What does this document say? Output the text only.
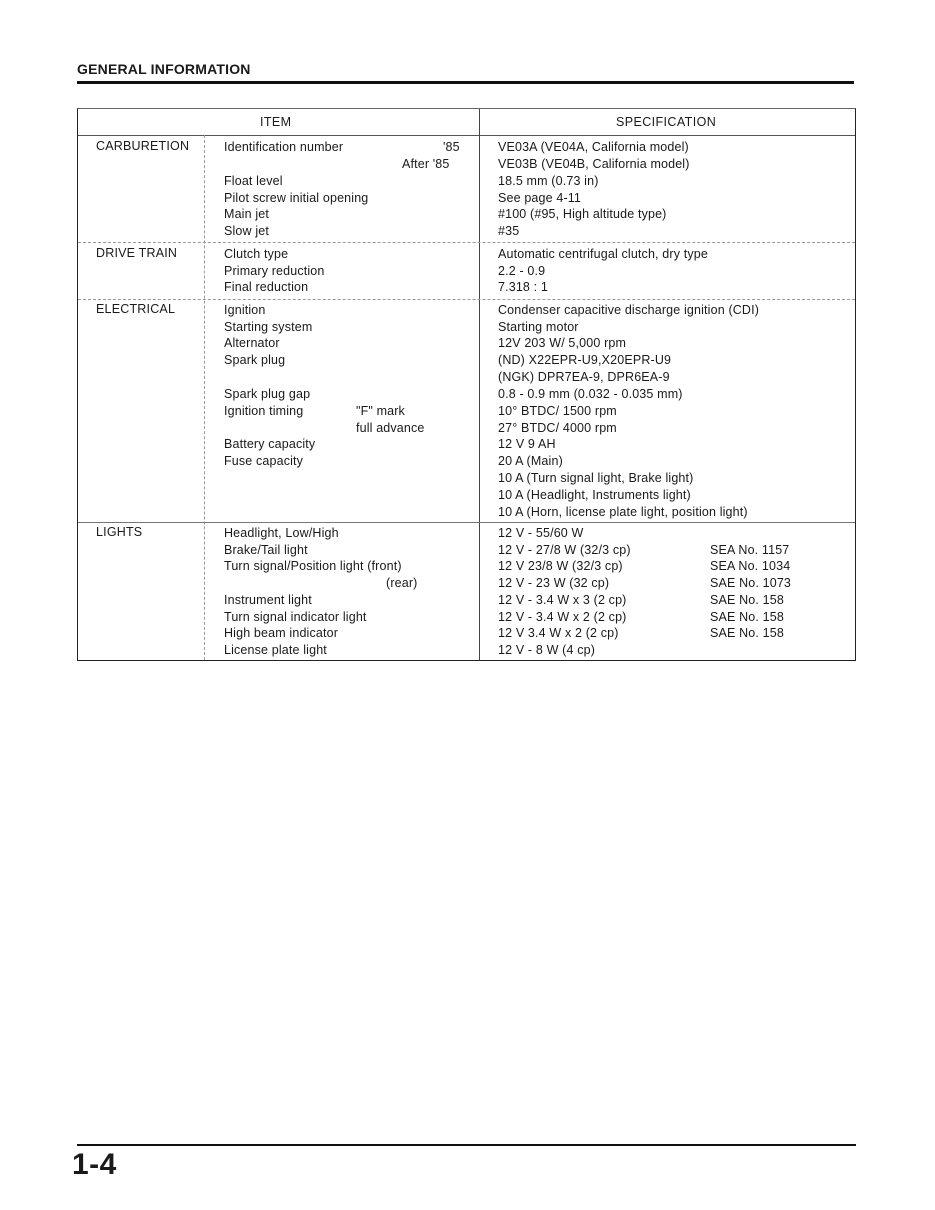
GENERAL INFORMATION
ITEM	SPECIFICATION
CARBURETION	Identification number	'85	VE03A (VE04A, California model)
After '85	VE03B (VE04B, California model)
Float level	18.5 mm (0.73 in)
Pilot screw initial opening	See page 4-11
Main jet	#100 (#95, High altitude type)
Slow jet	#35
DRIVE TRAIN	Clutch type	Automatic centrifugal clutch, dry type
Primary reduction	2.2 - 0.9
Final reduction	7.318 : 1
ELECTRICAL	Ignition	Condenser capacitive discharge ignition (CDI)
Starting system	Starting motor
Alternator	12V 203 W/ 5,000 rpm
Spark plug	(ND) X22EPR-U9,X20EPR-U9
(NGK) DPR7EA-9, DPR6EA-9
Spark plug gap	0.8 - 0.9 mm (0.032 - 0.035 mm)
Ignition timing	"F" mark	10° BTDC/ 1500 rpm
full advance	27° BTDC/ 4000 rpm
Battery capacity	12 V 9 AH
Fuse capacity	20 A (Main)
10 A (Turn signal light, Brake light)
10 A (Headlight, Instruments light)
10 A (Horn, license plate light, position light)
LIGHTS	Headlight, Low/High	12 V - 55/60 W
Brake/Tail light	12 V - 27/8 W (32/3 cp)	SEA No. 1157
Turn signal/Position light (front)	12 V 23/8 W (32/3 cp)	SEA No. 1034
(rear)	12 V - 23 W (32 cp)	SAE No. 1073
Instrument light	12 V - 3.4 W x 3 (2 cp)	SAE No. 158
Turn signal indicator light	12 V - 3.4 W x 2 (2 cp)	SAE No. 158
High beam indicator	12 V 3.4 W x 2 (2 cp)	SAE No. 158
License plate light	12 V - 8 W (4 cp)
1-4
